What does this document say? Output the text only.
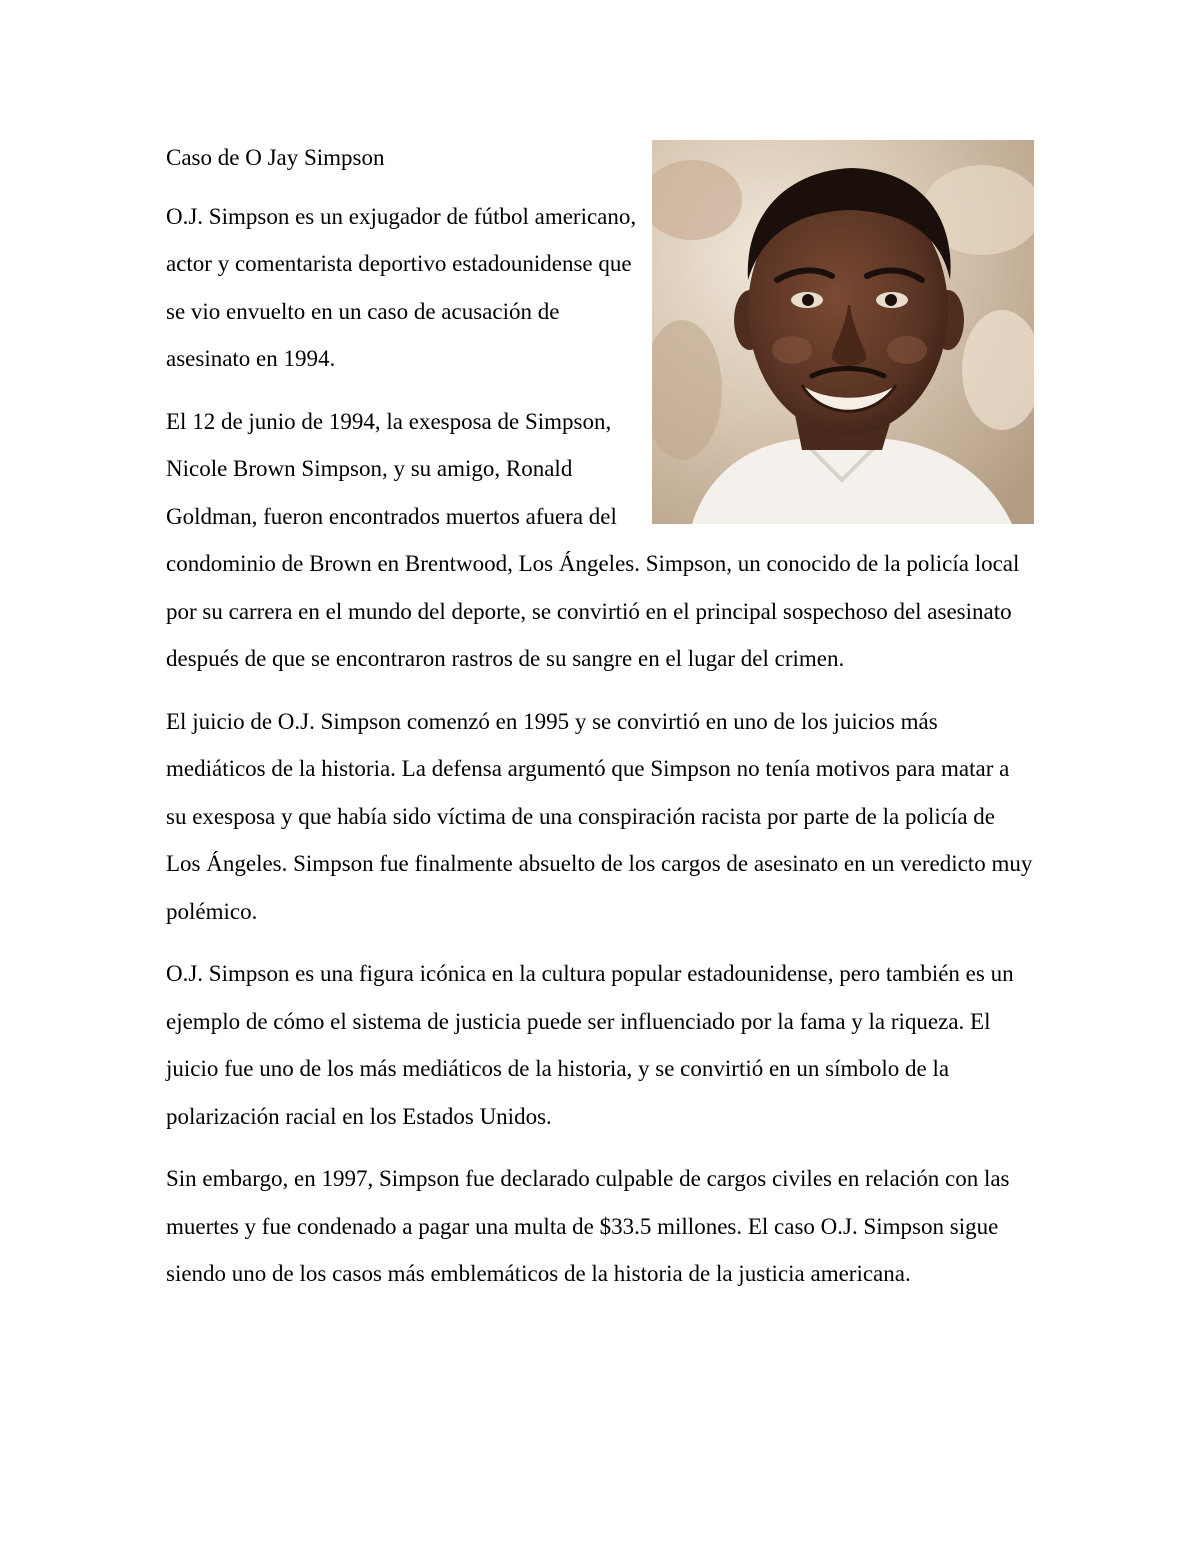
Caso de O Jay Simpson

O.J. Simpson es un exjugador de fútbol americano, actor y comentarista deportivo estadounidense que se vio envuelto en un caso de acusación de asesinato en 1994.

El 12 de junio de 1994, la exesposa de Simpson, Nicole Brown Simpson, y su amigo, Ronald Goldman, fueron encontrados muertos afuera del condominio de Brown en Brentwood, Los Ángeles. Simpson, un conocido de la policía local por su carrera en el mundo del deporte, se convirtió en el principal sospechoso del asesinato después de que se encontraron rastros de su sangre en el lugar del crimen.

El juicio de O.J. Simpson comenzó en 1995 y se convirtió en uno de los juicios más mediáticos de la historia. La defensa argumentó que Simpson no tenía motivos para matar a su exesposa y que había sido víctima de una conspiración racista por parte de la policía de Los Ángeles. Simpson fue finalmente absuelto de los cargos de asesinato en un veredicto muy polémico.

O.J. Simpson es una figura icónica en la cultura popular estadounidense, pero también es un ejemplo de cómo el sistema de justicia puede ser influenciado por la fama y la riqueza. El juicio fue uno de los más mediáticos de la historia, y se convirtió en un símbolo de la polarización racial en los Estados Unidos.

Sin embargo, en 1997, Simpson fue declarado culpable de cargos civiles en relación con las muertes y fue condenado a pagar una multa de $33.5 millones. El caso O.J. Simpson sigue siendo uno de los casos más emblemáticos de la historia de la justicia americana.
